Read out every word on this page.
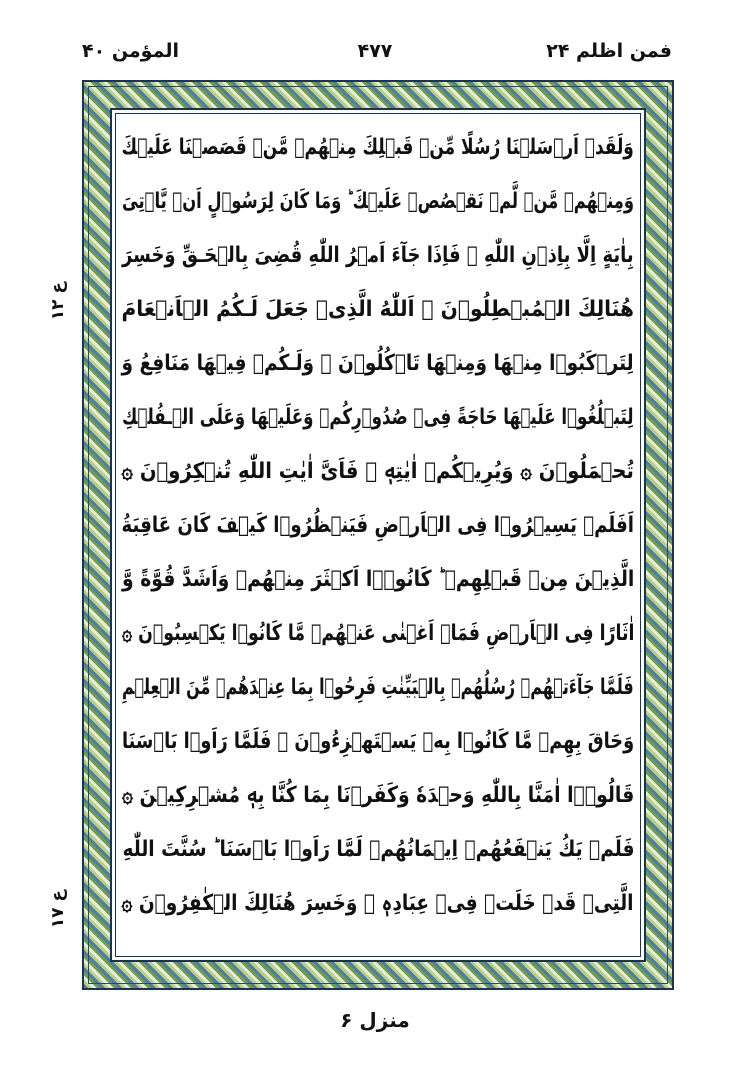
فمن اظلم ۲۴
۴۷۷
المؤمن ۴۰
ع ۱۲
ع ۱۷
وَلَقَدۡ اَرۡسَلۡنَا رُسُلًا مِّنۡ قَبۡلِكَ مِنۡهُمۡ مَّنۡ قَصَصۡنَا عَلَيۡكَ
وَمِنۡهُمۡ مَّنۡ لَّمۡ نَقۡصُصۡ عَلَيۡكَ ؕ وَمَا كَانَ لِرَسُوۡلٍ اَنۡ يَّاۡتِىَ
بِاٰيَةٍ اِلَّا بِاِذۡنِ اللّٰهِ ۚ فَاِذَا جَآءَ اَمۡرُ اللّٰهِ قُضِىَ بِالۡحَـقِّ وَخَسِرَ
هُنَالِكَ الۡمُبۡطِلُوۡنَ ۞ اَللّٰهُ الَّذِىۡ جَعَلَ لَـكُمُ الۡاَنۡعَامَ
لِتَرۡكَبُوۡا مِنۡهَا وَمِنۡهَا تَاۡكُلُوۡنَ ۞ وَلَـكُمۡ فِيۡهَا مَنَافِعُ وَ
لِتَبۡلُغُوۡا عَلَيۡهَا حَاجَةً فِىۡ صُدُوۡرِكُمۡ وَعَلَيۡهَا وَعَلَى الۡـفُلۡكِ
تُحۡمَلُوۡنَ ۞ وَيُرِيۡكُمۡ اٰيٰتِهٖ ۖ فَاَىَّ اٰيٰتِ اللّٰهِ تُنۡكِرُوۡنَ ۞
اَفَلَمۡ يَسِيۡرُوۡا فِى الۡاَرۡضِ فَيَنۡظُرُوۡا كَيۡفَ كَانَ عَاقِبَةُ
الَّذِيۡنَ مِنۡ قَبۡلِهِمۡ ؕ كَانُوۡۤا اَكۡثَرَ مِنۡهُمۡ وَاَشَدَّ قُوَّةً وَّ
اٰثَارًا فِى الۡاَرۡضِ فَمَاۤ اَغۡنٰى عَنۡهُمۡ مَّا كَانُوۡا يَكۡسِبُوۡنَ ۞
فَلَمَّا جَآءَتۡهُمۡ رُسُلُهُمۡ بِالۡبَيِّنٰتِ فَرِحُوۡا بِمَا عِنۡدَهُمۡ مِّنَ الۡعِلۡمِ
وَحَاقَ بِهِمۡ مَّا كَانُوۡا بِهٖ يَسۡتَهۡزِءُوۡنَ ۞ فَلَمَّا رَاَوۡا بَاۡسَنَا
قَالُوۡۤا اٰمَنَّا بِاللّٰهِ وَحۡدَهٗ وَكَفَرۡنَا بِمَا كُنَّا بِهٖ مُشۡرِكِيۡنَ ۞
فَلَمۡ يَكُ يَنۡفَعُهُمۡ اِيۡمَانُهُمۡ لَمَّا رَاَوۡا بَاۡسَنَا ؕ سُنَّتَ اللّٰهِ
الَّتِىۡ قَدۡ خَلَتۡ فِىۡ عِبَادِهٖ ۚ وَخَسِرَ هُنَالِكَ الۡكٰفِرُوۡنَ ۞
منزل ۶
